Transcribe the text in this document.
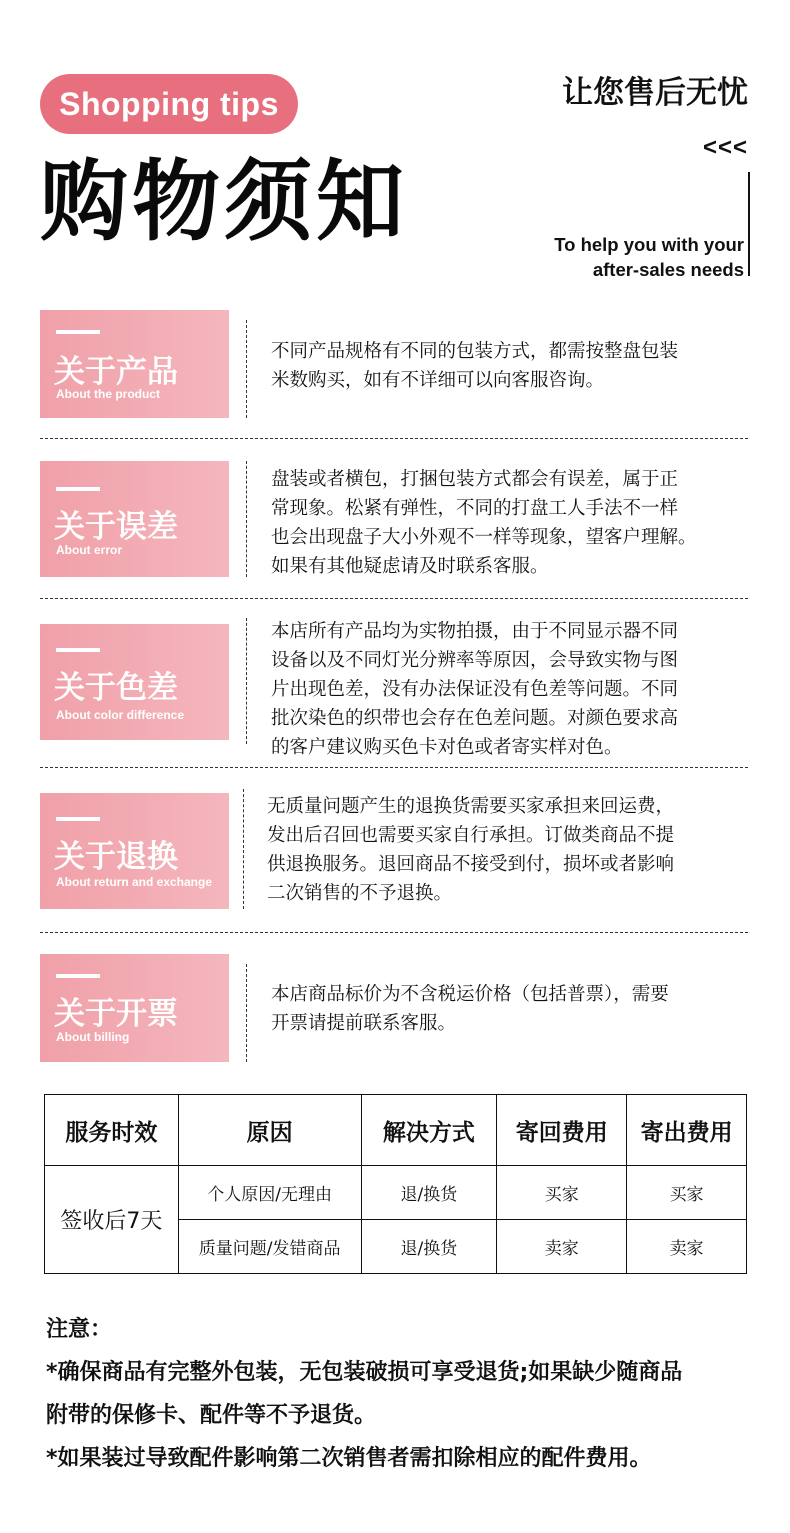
Shopping tips
购物须知
让您售后无忧
<<<
To help you with your
after-sales needs
关于产品
About the product
不同产品规格有不同的包装方式，都需按整盘包装
米数购买，如有不详细可以向客服咨询。
关于误差
About error
盘装或者横包，打捆包装方式都会有误差，属于正
常现象。松紧有弹性，不同的打盘工人手法不一样
也会出现盘子大小外观不一样等现象，望客户理解。
如果有其他疑虑请及时联系客服。
关于色差
About color difference
本店所有产品均为实物拍摄，由于不同显示器不同
设备以及不同灯光分辨率等原因，会导致实物与图
片出现色差，没有办法保证没有色差等问题。不同
批次染色的织带也会存在色差问题。对颜色要求高
的客户建议购买色卡对色或者寄实样对色。
关于退换
About return and exchange
无质量问题产生的退换货需要买家承担来回运费，
发出后召回也需要买家自行承担。订做类商品不提
供退换服务。退回商品不接受到付，损坏或者影响
二次销售的不予退换。
关于开票
About billing
本店商品标价为不含税运价格（包括普票），需要
开票请提前联系客服。
服务时效	原因	解决方式	寄回费用	寄出费用
签收后7天	个人原因/无理由	退/换货	买家	买家
	质量问题/发错商品	退/换货	卖家	卖家

注意：

*确保商品有完整外包装，无包装破损可享受退货;如果缺少随商品

附带的保修卡、配件等不予退货。

*如果装过导致配件影响第二次销售者需扣除相应的配件费用。
